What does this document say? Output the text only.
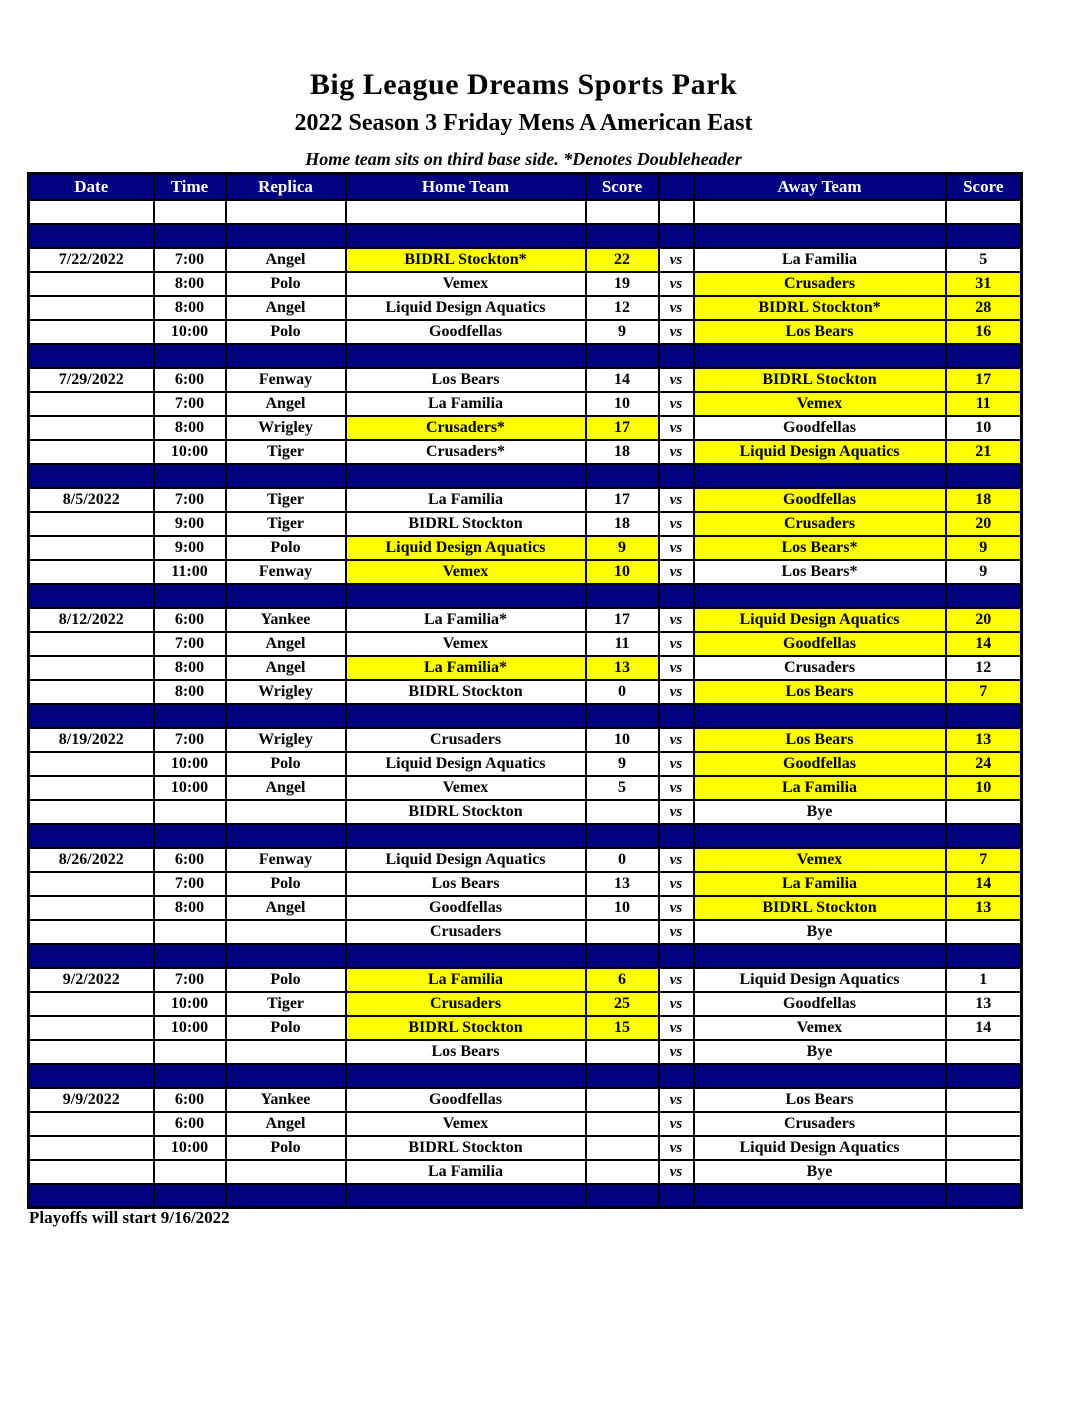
Big League Dreams Sports Park
2022 Season 3 Friday Mens A American East
Home team sits on third base side. *Denotes Doubleheader
Date	Time	Replica	Home Team	Score		Away Team	Score

7/22/2022	7:00	Angel	BIDRL Stockton*	22	vs	La Familia	5
	8:00	Polo	Vemex	19	vs	Crusaders	31
	8:00	Angel	Liquid Design Aquatics	12	vs	BIDRL Stockton*	28
	10:00	Polo	Goodfellas	9	vs	Los Bears	16

7/29/2022	6:00	Fenway	Los Bears	14	vs	BIDRL Stockton	17
	7:00	Angel	La Familia	10	vs	Vemex	11
	8:00	Wrigley	Crusaders*	17	vs	Goodfellas	10
	10:00	Tiger	Crusaders*	18	vs	Liquid Design Aquatics	21

8/5/2022	7:00	Tiger	La Familia	17	vs	Goodfellas	18
	9:00	Tiger	BIDRL Stockton	18	vs	Crusaders	20
	9:00	Polo	Liquid Design Aquatics	9	vs	Los Bears*	9
	11:00	Fenway	Vemex	10	vs	Los Bears*	9

8/12/2022	6:00	Yankee	La Familia*	17	vs	Liquid Design Aquatics	20
	7:00	Angel	Vemex	11	vs	Goodfellas	14
	8:00	Angel	La Familia*	13	vs	Crusaders	12
	8:00	Wrigley	BIDRL Stockton	0	vs	Los Bears	7

8/19/2022	7:00	Wrigley	Crusaders	10	vs	Los Bears	13
	10:00	Polo	Liquid Design Aquatics	9	vs	Goodfellas	24
	10:00	Angel	Vemex	5	vs	La Familia	10
			BIDRL Stockton		vs	Bye	

8/26/2022	6:00	Fenway	Liquid Design Aquatics	0	vs	Vemex	7
	7:00	Polo	Los Bears	13	vs	La Familia	14
	8:00	Angel	Goodfellas	10	vs	BIDRL Stockton	13
			Crusaders		vs	Bye	

9/2/2022	7:00	Polo	La Familia	6	vs	Liquid Design Aquatics	1
	10:00	Tiger	Crusaders	25	vs	Goodfellas	13
	10:00	Polo	BIDRL Stockton	15	vs	Vemex	14
			Los Bears		vs	Bye	

9/9/2022	6:00	Yankee	Goodfellas		vs	Los Bears	
	6:00	Angel	Vemex		vs	Crusaders	
	10:00	Polo	BIDRL Stockton		vs	Liquid Design Aquatics	
			La Familia		vs	Bye	

Playoffs will start 9/16/2022
